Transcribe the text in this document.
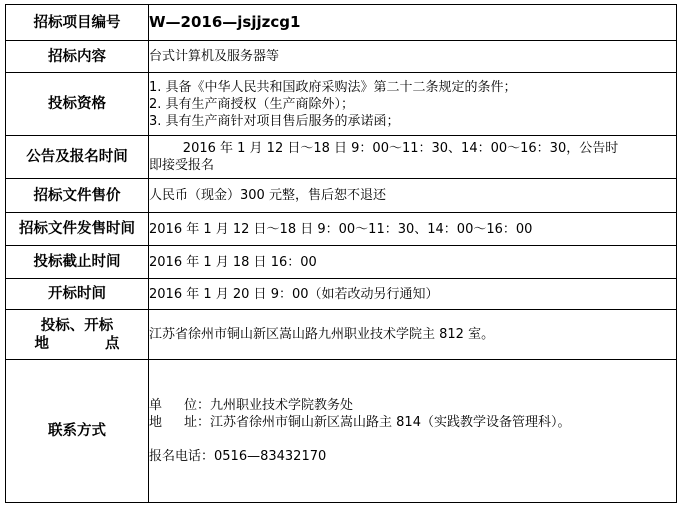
招标项目编号	W—2016—jsjjzcg1
招标内容	台式计算机及服务器等
投标资格	1. 具备《中华人民共和国政府采购法》第二十二条规定的条件；
2. 具有生产商授权（生产商除外）；
3. 具有生产商针对项目售后服务的承诺函；

公告及报名时间	2016 年 1 月 12 日～18 日 9：00～11：30、14：00～16：30，公告时
即接受报名

招标文件售价	人民币（现金）300 元整，售后恕不退还
招标文件发售时间	2016 年 1 月 12 日～18 日 9：00～11：30、14：00～16：00
投标截止时间	2016 年 1 月 18 日 16：00
开标时间	2016 年 1 月 20 日 9：00（如若改动另行通知）

投标、开标
地 点	江苏省徐州市铜山新区嵩山路九州职业技术学院主 812 室。
联系方式	单 位：九州职业技术学院教务处
地 址：江苏省徐州市铜山新区嵩山路主 814（实践教学设备管理科）。
报名电话：0516—83432170
